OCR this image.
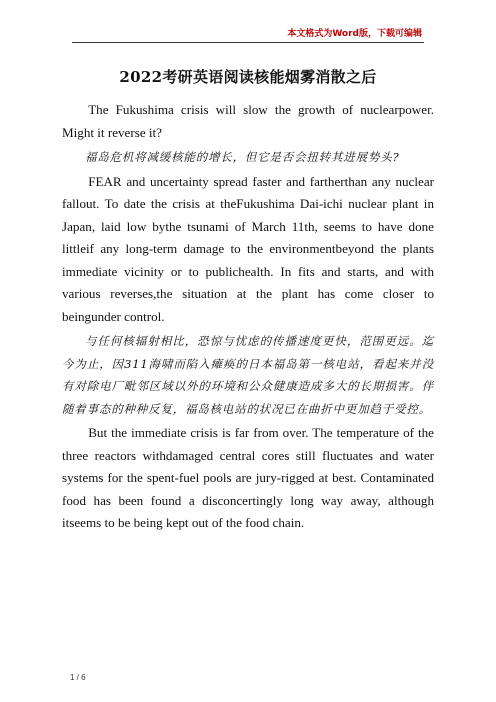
本文格式为Word版，下载可编辑
2022考研英语阅读核能烟雾消散之后

The Fukushima crisis will slow the growth of nuclearpower. Might it reverse it?

福岛危机将减缓核能的增长，但它是否会扭转其进展势头?

FEAR and uncertainty spread faster and fartherthan any nuclear fallout. To date the crisis at theFukushima Dai-ichi nuclear plant in Japan, laid low bythe tsunami of March 11th, seems to have done littleif any long-term damage to the environmentbeyond the plants immediate vicinity or to publichealth. In fits and starts, and with various reverses,the situation at the plant has come closer to beingunder control.

与任何核辐射相比，恐惊与忧虑的传播速度更快，范围更远。迄今为止，因311海啸而陷入瘫痪的日本福岛第一核电站，看起来并没有对除电厂毗邻区域以外的环境和公众健康造成多大的长期损害。伴随着事态的种种反复，福岛核电站的状况已在曲折中更加趋于受控。

But the immediate crisis is far from over. The temperature of the three reactors withdamaged central cores still fluctuates and water systems for the spent-fuel pools are jury-rigged at best. Contaminated food has been found a disconcertingly long way away, although itseems to be being kept out of the food chain.

1 / 6
